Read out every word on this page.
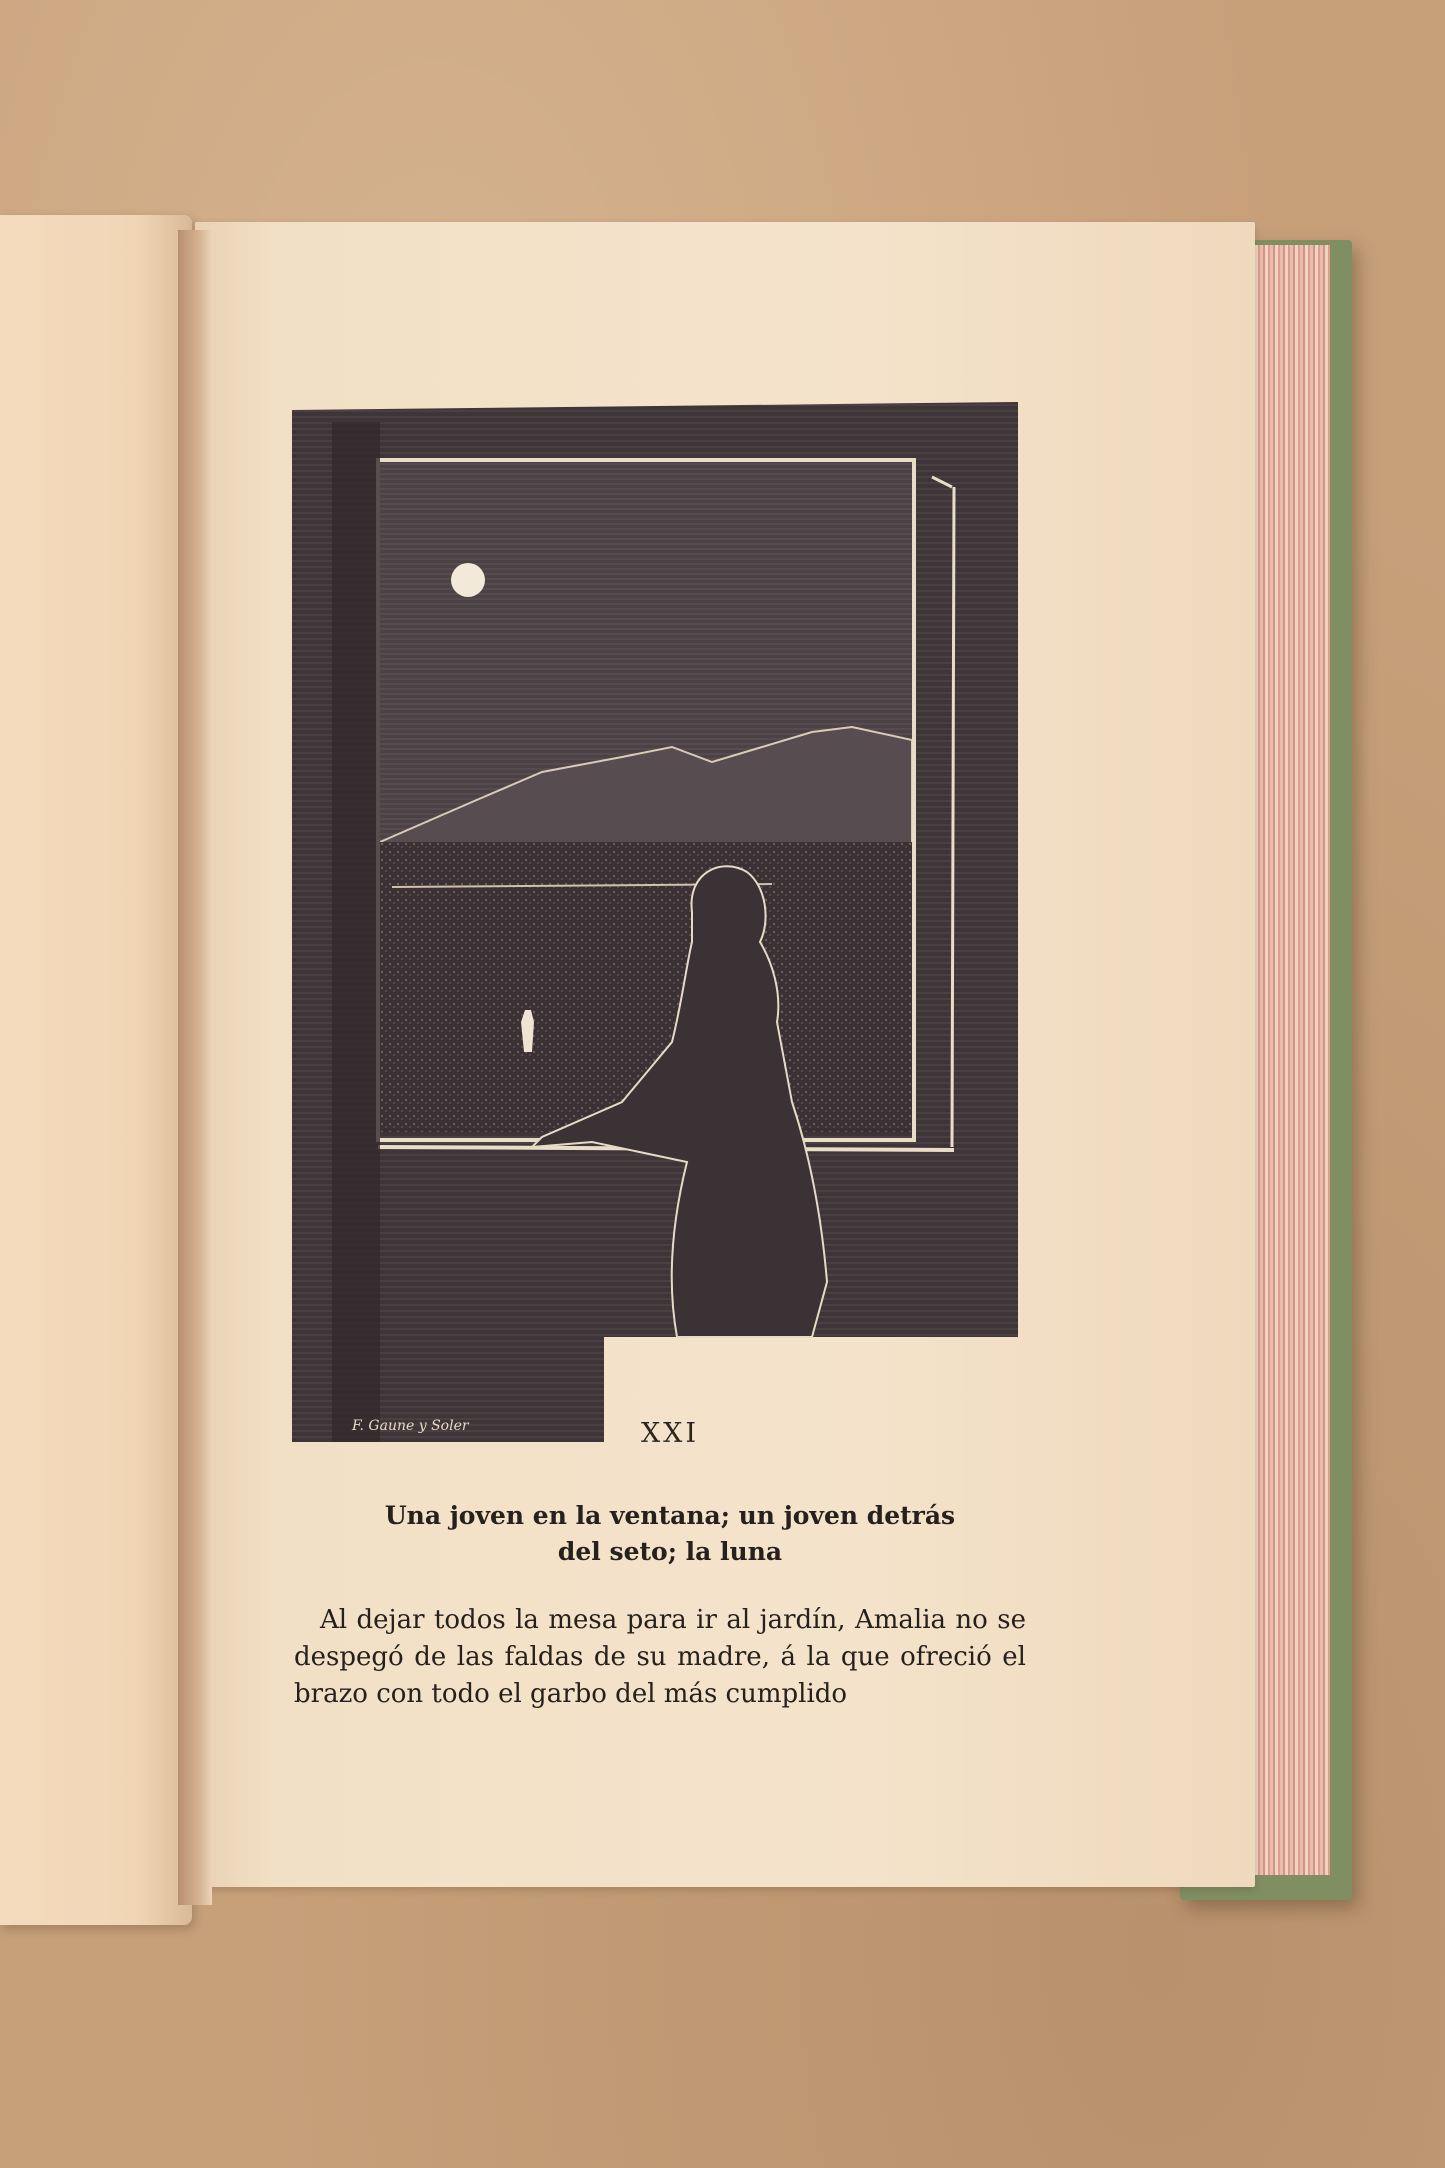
F. Gaune y Soler	XXI
Una joven en la ventana; un joven detrás
del seto; la luna

Al dejar todos la mesa para ir al jardín, Amalia no se despegó de las faldas de su madre, á la que ofreció el brazo con todo el garbo del más cumplido
